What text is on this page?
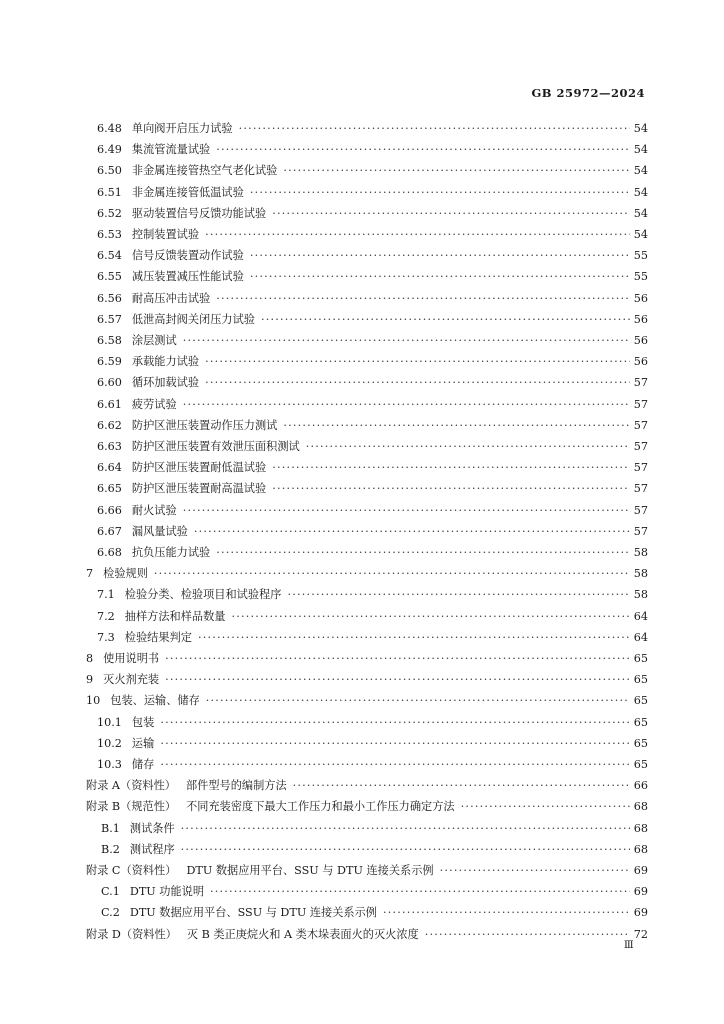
GB 25972—2024
6.48 单向阀开启压力试验 ·····	54
6.49 集流管流量试验 ·····	54
6.50 非金属连接管热空气老化试验 ·····	54
6.51 非金属连接管低温试验 ·····	54
6.52 驱动装置信号反馈功能试验 ·····	54
6.53 控制装置试验 ·····	54
6.54 信号反馈装置动作试验 ·····	55
6.55 减压装置减压性能试验 ·····	55
6.56 耐高压冲击试验 ·····	56
6.57 低泄高封阀关闭压力试验 ·····	56
6.58 涂层测试 ·····	56
6.59 承载能力试验 ·····	56
6.60 循环加载试验 ·····	57
6.61 疲劳试验 ·····	57
6.62 防护区泄压装置动作压力测试 ·····	57
6.63 防护区泄压装置有效泄压面积测试 ·····	57
6.64 防护区泄压装置耐低温试验 ·····	57
6.65 防护区泄压装置耐高温试验 ·····	57
6.66 耐火试验 ·····	57
6.67 漏风量试验 ·····	57
6.68 抗负压能力试验 ·····	58
7 检验规则 ·····	58
7.1 检验分类、检验项目和试验程序 ·····	58
7.2 抽样方法和样品数量 ·····	64
7.3 检验结果判定 ·····	64
8 使用说明书 ·····	65
9 灭火剂充装 ·····	65
10 包装、运输、储存 ·····	65
10.1 包装 ·····	65
10.2 运输 ·····	65
10.3 储存 ·····	65
附录 A（资料性） 部件型号的编制方法 ·····	66
附录 B（规范性） 不同充装密度下最大工作压力和最小工作压力确定方法 ·····	68
B.1 测试条件 ·····	68
B.2 测试程序 ·····	68
附录 C（资料性） DTU 数据应用平台、SSU 与 DTU 连接关系示例 ·····	69
C.1 DTU 功能说明 ·····	69
C.2 DTU 数据应用平台、SSU 与 DTU 连接关系示例 ·····	69
附录 D（资料性） 灭 B 类正庚烷火和 A 类木垛表面火的灭火浓度 ·····	72
Ⅲ
